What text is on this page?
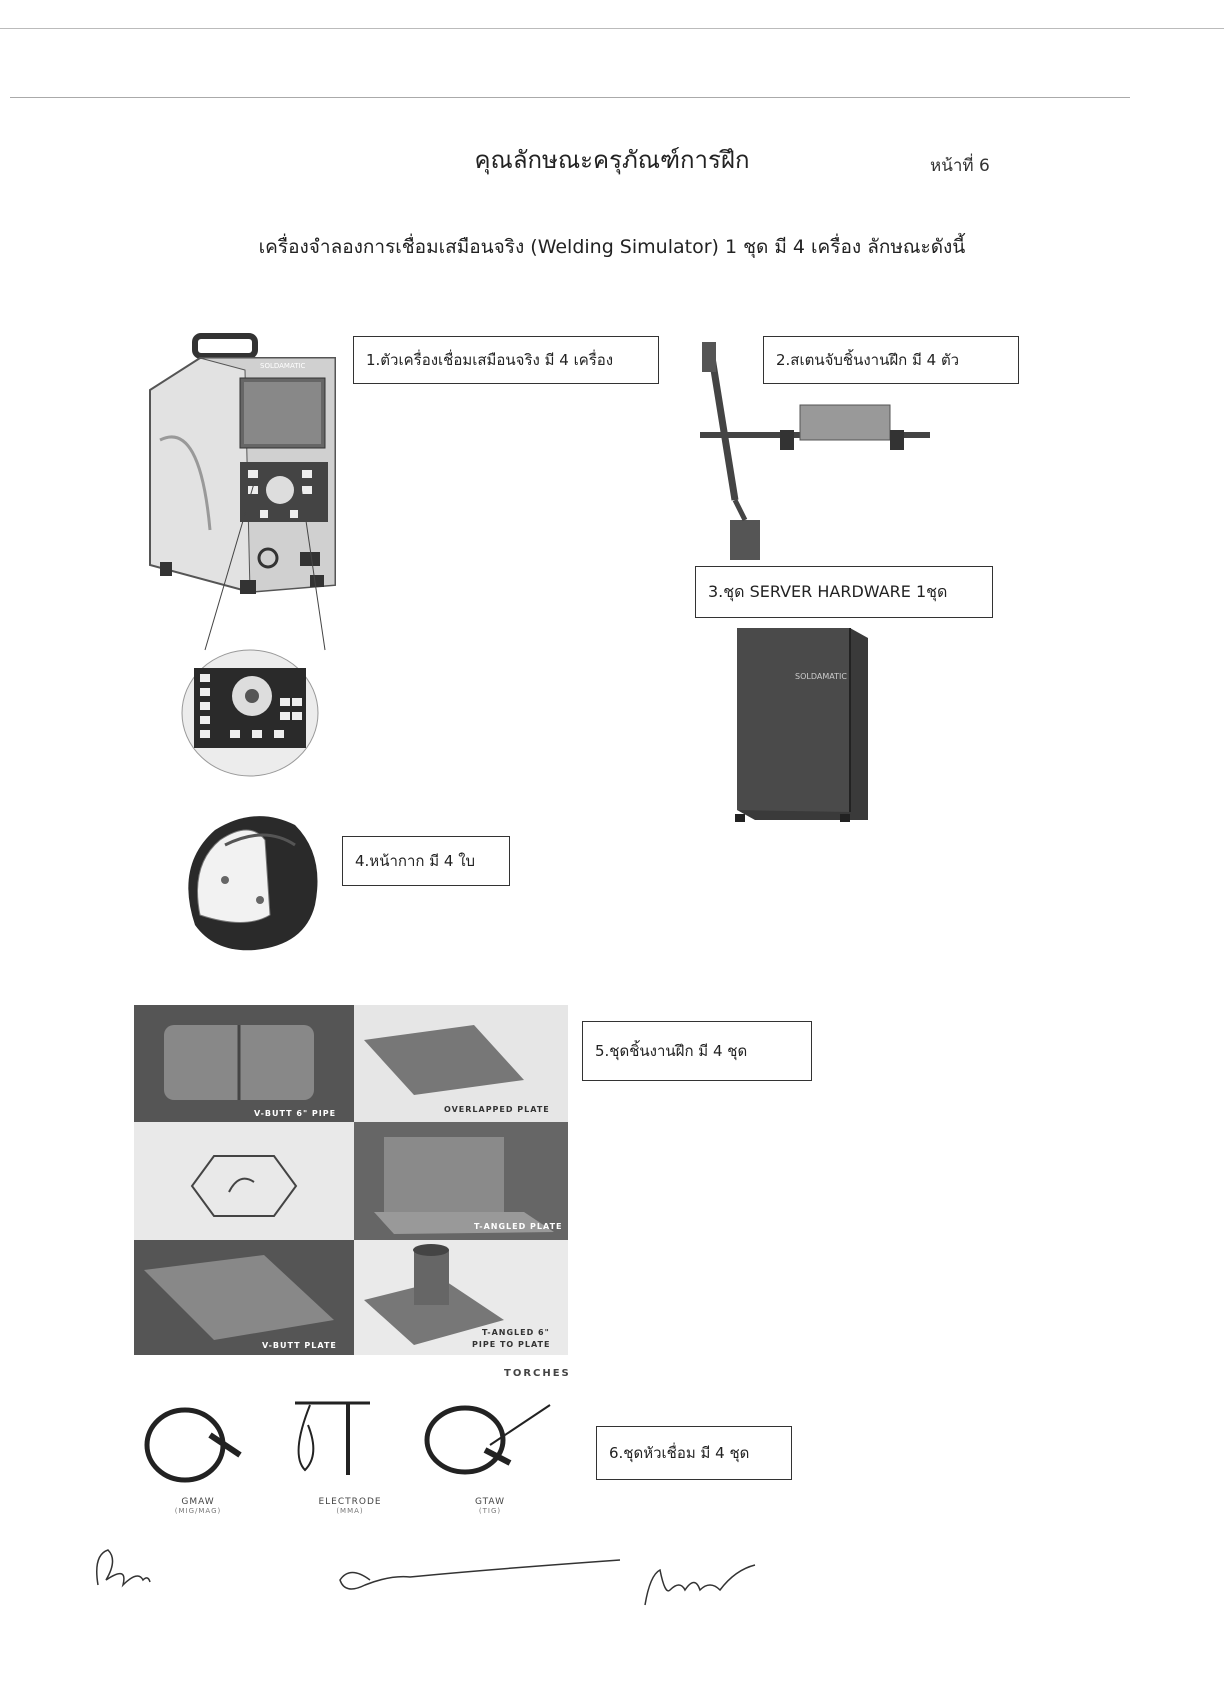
คุณลักษณะครุภัณฑ์การฝึก	หน้าที่ 6
เครื่องจำลองการเชื่อมเสมือนจริง (Welding Simulator) 1 ชุด มี 4 เครื่อง ลักษณะดังนี้
SOLDAMATIC	1.ตัวเครื่องเชื่อมเสมือนจริง มี 4 เครื่อง	2.สเตนจับชิ้นงานฝึก มี 4 ตัว
3.ชุด SERVER HARDWARE 1ชุด
SOLDAMATIC
4.หน้ากาก มี 4 ใบ
V-BUTT 6" PIPE	OVERLAPPED PLATE
T-ANGLED PLATE
V-BUTT PLATE
T-ANGLED 6"
PIPE TO PLATE
5.ชุดชิ้นงานฝึก มี 4 ชุด
TORCHES
GMAW
(MIG/MAG)
ELECTRODE
(MMA)
GTAW
(TIG)
6.ชุดหัวเชื่อม มี 4 ชุด
